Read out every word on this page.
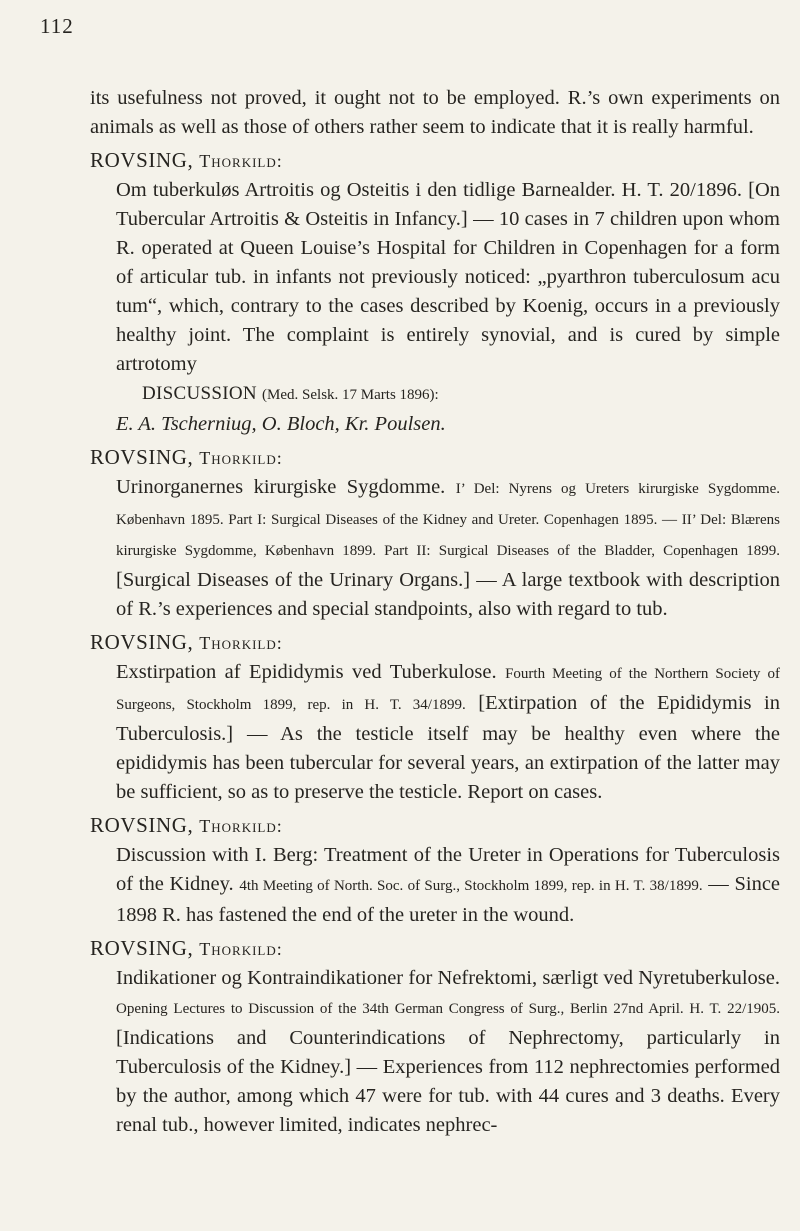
112

its usefulness not proved, it ought not to be employed. R.’s own experiments on animals as well as those of others rather seem to indicate that it is really harmful.

ROVSING, Thorkild:
Om tuberkuløs Artroitis og Osteitis i den tidlige Barnealder. H. T. 20/1896. [On Tubercular Artroitis & Osteitis in Infancy.] — 10 cases in 7 children upon whom R. operated at Queen Louise’s Hospital for Children in Copenhagen for a form of articular tub. in infants not previously noticed: „pyarthron tuberculosum acu tum“, which, contrary to the cases described by Koenig, occurs in a previously healthy joint. The complaint is entirely synovial, and is cured by simple artrotomy
DISCUSSION (Med. Selsk. 17 Marts 1896):
E. A. Tscherniug, O. Bloch, Kr. Poulsen.
ROVSING, Thorkild:
Urinorganernes kirurgiske Sygdomme. I’ Del: Nyrens og Ureters kirurgiske Sygdomme. København 1895. Part I: Surgical Diseases of the Kidney and Ureter. Copenhagen 1895. — II’ Del: Blærens kirurgiske Sygdomme, København 1899. Part II: Surgical Diseases of the Bladder, Copenhagen 1899. [Surgical Diseases of the Urinary Organs.] — A large textbook with description of R.’s experiences and special standpoints, also with regard to tub.
ROVSING, Thorkild:
Exstirpation af Epididymis ved Tuberkulose. Fourth Meeting of the Northern Society of Surgeons, Stockholm 1899, rep. in H. T. 34/1899. [Extirpation of the Epididymis in Tuberculosis.] — As the testicle itself may be healthy even where the epididymis has been tubercular for several years, an extirpation of the latter may be sufficient, so as to preserve the testicle. Report on cases.
ROVSING, Thorkild:
Discussion with I. Berg: Treatment of the Ureter in Operations for Tuberculosis of the Kidney. 4th Meeting of North. Soc. of Surg., Stockholm 1899, rep. in H. T. 38/1899. — Since 1898 R. has fastened the end of the ureter in the wound.
ROVSING, Thorkild:
Indikationer og Kontraindikationer for Nefrektomi, særligt ved Nyretuberkulose. Opening Lectures to Discussion of the 34th German Congress of Surg., Berlin 27nd April. H. T. 22/1905. [Indications and Counterindications of Nephrectomy, particularly in Tuberculosis of the Kidney.] — Experiences from 112 nephrectomies performed by the author, among which 47 were for tub. with 44 cures and 3 deaths. Every renal tub., however limited, indicates nephrec-
